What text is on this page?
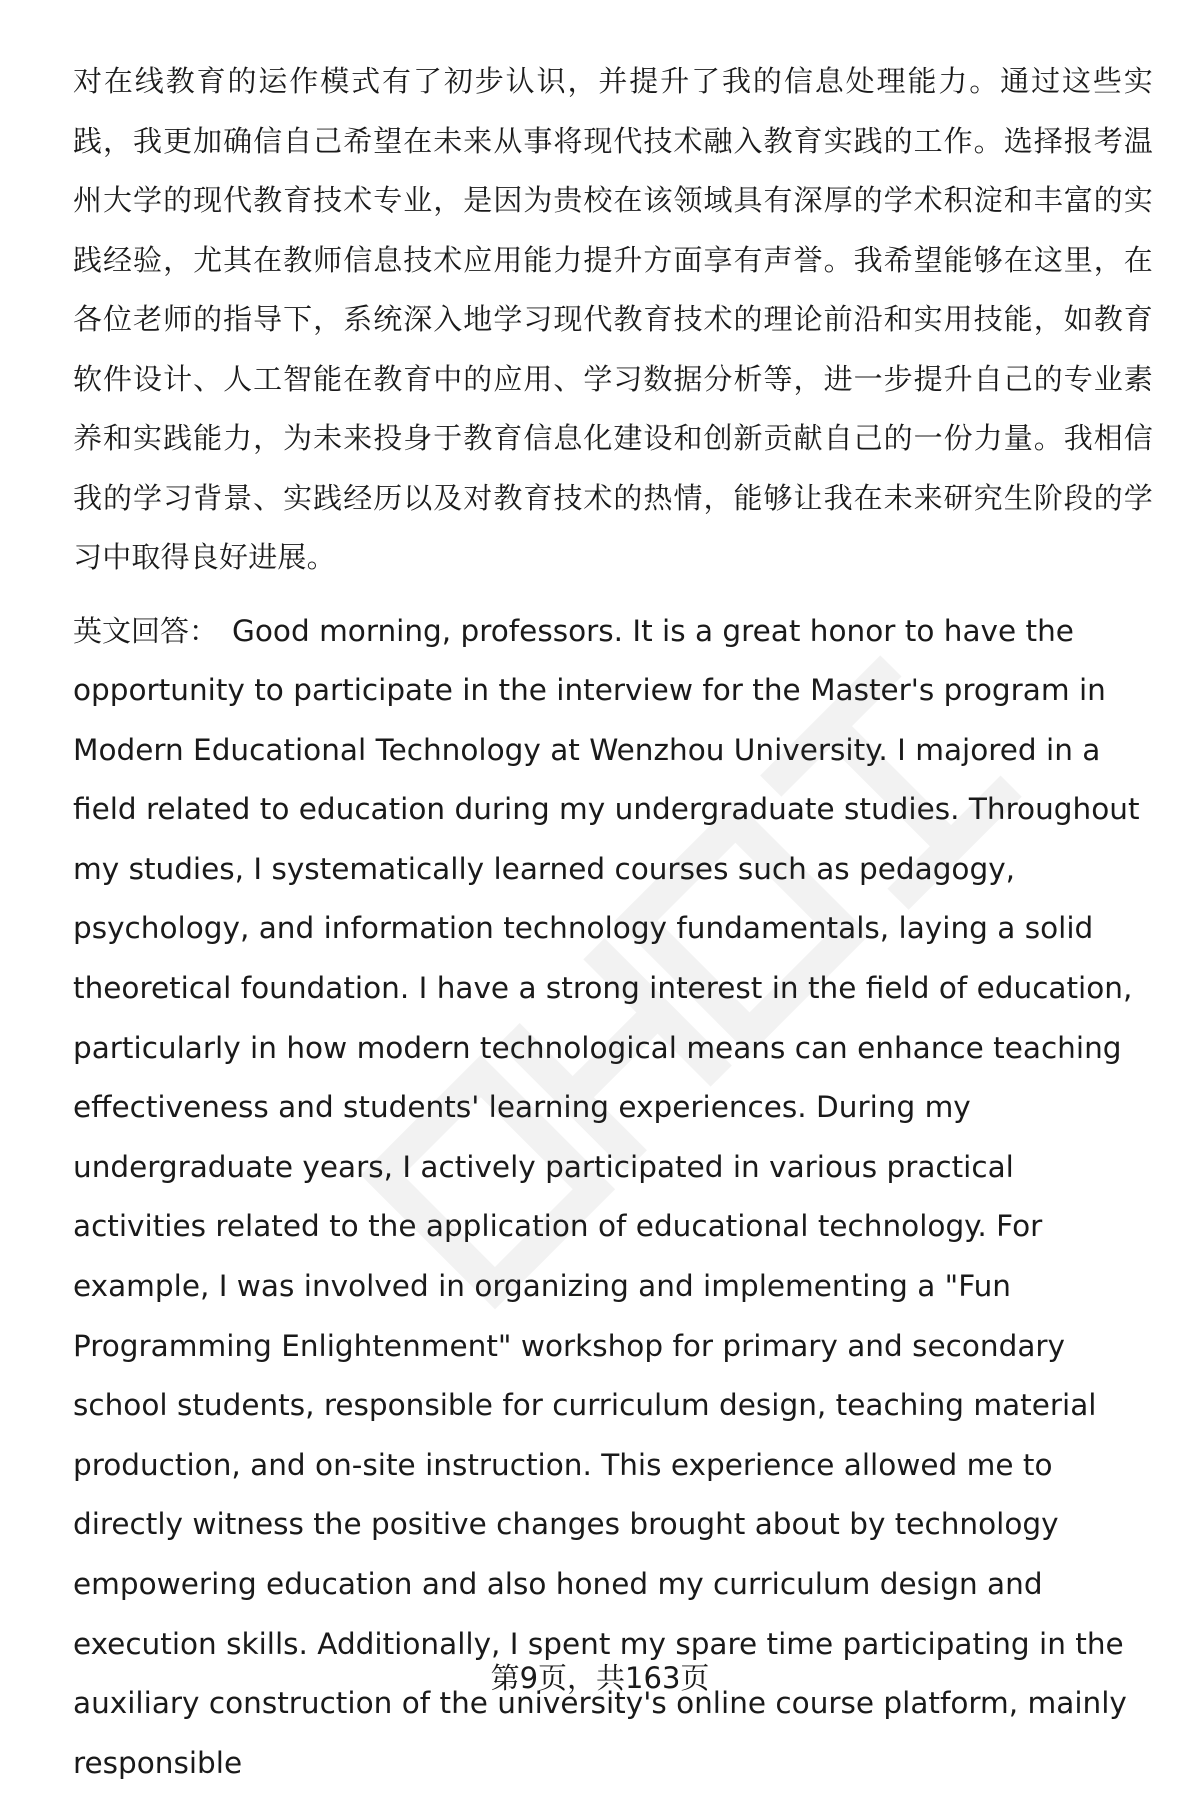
对在线教育的运作模式有了初步认识，并提升了我的信息处理能力。通过这些实践，我更加确信自己希望在未来从事将现代技术融入教育实践的工作。选择报考温州大学的现代教育技术专业，是因为贵校在该领域具有深厚的学术积淀和丰富的实践经验，尤其在教师信息技术应用能力提升方面享有声誉。我希望能够在这里，在各位老师的指导下，系统深入地学习现代教育技术的理论前沿和实用技能，如教育软件设计、人工智能在教育中的应用、学习数据分析等，进一步提升自己的专业素养和实践能力，为未来投身于教育信息化建设和创新贡献自己的一份力量。我相信我的学习背景、实践经历以及对教育技术的热情，能够让我在未来研究生阶段的学习中取得良好进展。

英文回答： Good morning, professors. It is a great honor to have the opportunity to participate in the interview for the Master's program in Modern Educational Technology at Wenzhou University. I majored in a field related to education during my undergraduate studies. Throughout my studies, I systematically learned courses such as pedagogy, psychology, and information technology fundamentals, laying a solid theoretical foundation. I have a strong interest in the field of education, particularly in how modern technological means can enhance teaching effectiveness and students' learning experiences. During my undergraduate years, I actively participated in various practical activities related to the application of educational technology. For example, I was involved in organizing and implementing a "Fun Programming Enlightenment" workshop for primary and secondary school students, responsible for curriculum design, teaching material production, and on-site instruction. This experience allowed me to directly witness the positive changes brought about by technology empowering education and also honed my curriculum design and execution skills. Additionally, I spent my spare time participating in the auxiliary construction of the university's online course platform, mainly responsible

第9页，共163页
